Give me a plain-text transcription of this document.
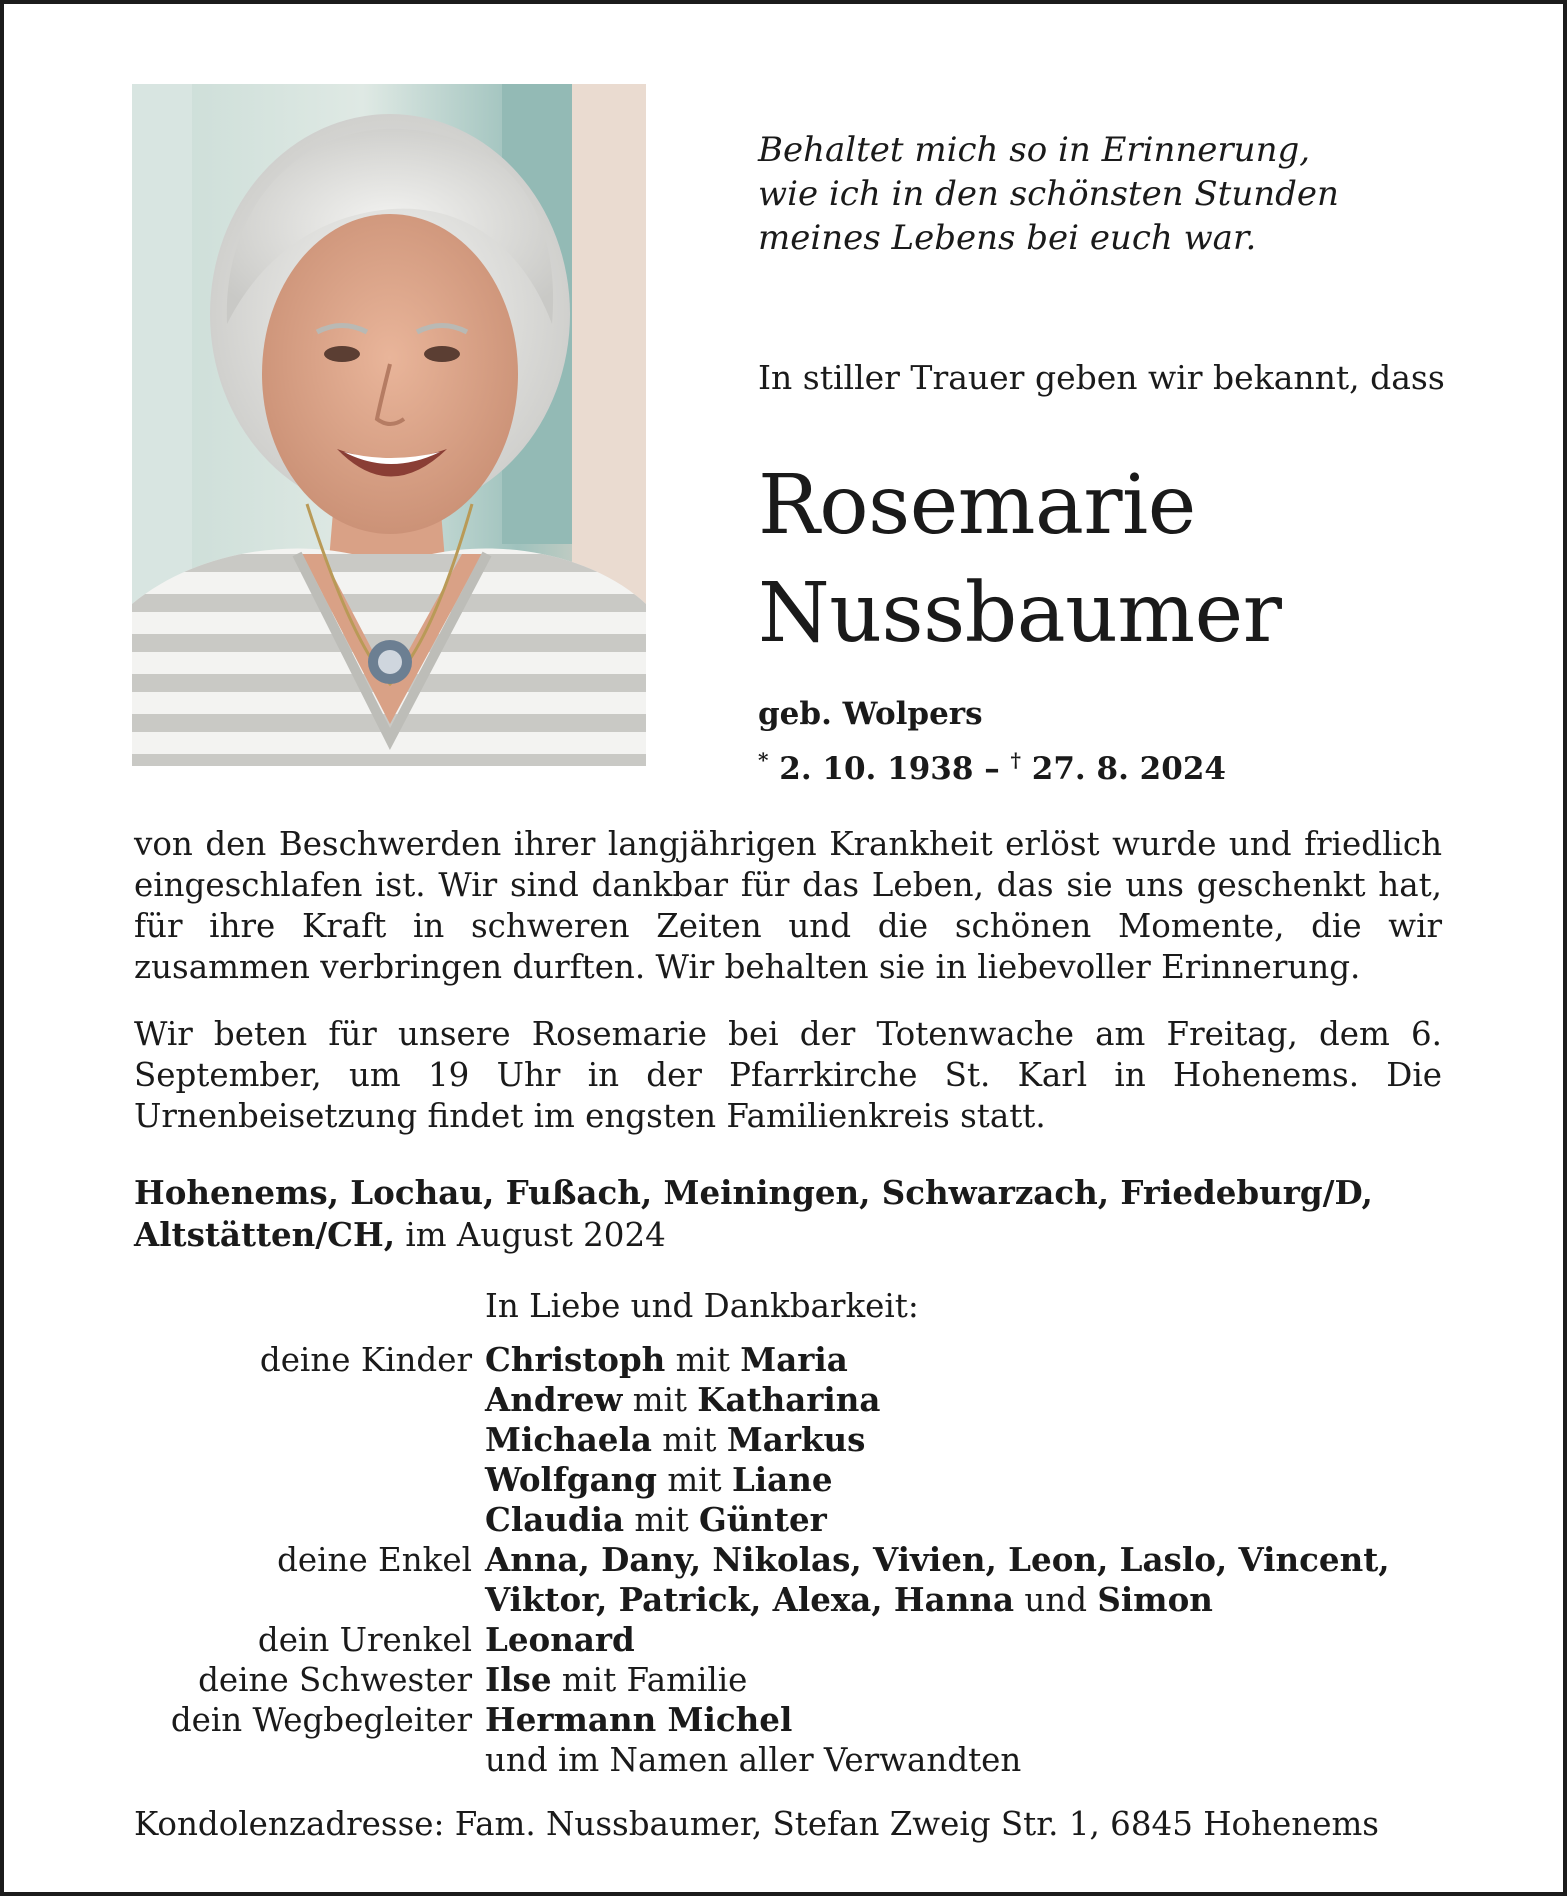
Behaltet mich so in Erinnerung,
wie ich in den schönsten Stunden
meines Lebens bei euch war.
In stiller Trauer geben wir bekannt, dass
Rosemarie
Nussbaumer
geb. Wolpers
* 2. 10. 1938 – † 27. 8. 2024
von den Beschwerden ihrer langjährigen Krankheit erlöst wurde und friedlich eingeschlafen ist. Wir sind dankbar für das Leben, das sie uns geschenkt hat, für ihre Kraft in schweren Zeiten und die schönen Momente, die wir zusammen verbringen durften. Wir behalten sie in liebevoller Erinnerung.
Wir beten für unsere Rosemarie bei der Totenwache am Freitag, dem 6. September, um 19 Uhr in der Pfarrkirche St. Karl in Hohenems. Die Urnenbeisetzung findet im engsten Familienkreis statt.
Hohenems, Lochau, Fußach, Meiningen, Schwarzach, Friedeburg/D,
Altstätten/CH, im August 2024
In Liebe und Dankbarkeit:
deine Kinder Christoph mit Maria
Andrew mit Katharina
Michaela mit Markus
Wolfgang mit Liane
Claudia mit Günter
deine Enkel Anna, Dany, Nikolas, Vivien, Leon, Laslo, Vincent,
Viktor, Patrick, Alexa, Hanna und Simon
dein Urenkel Leonard
deine Schwester Ilse mit Familie
dein Wegbegleiter Hermann Michel
und im Namen aller Verwandten
Kondolenzadresse: Fam. Nussbaumer, Stefan Zweig Str. 1, 6845 Hohenems
